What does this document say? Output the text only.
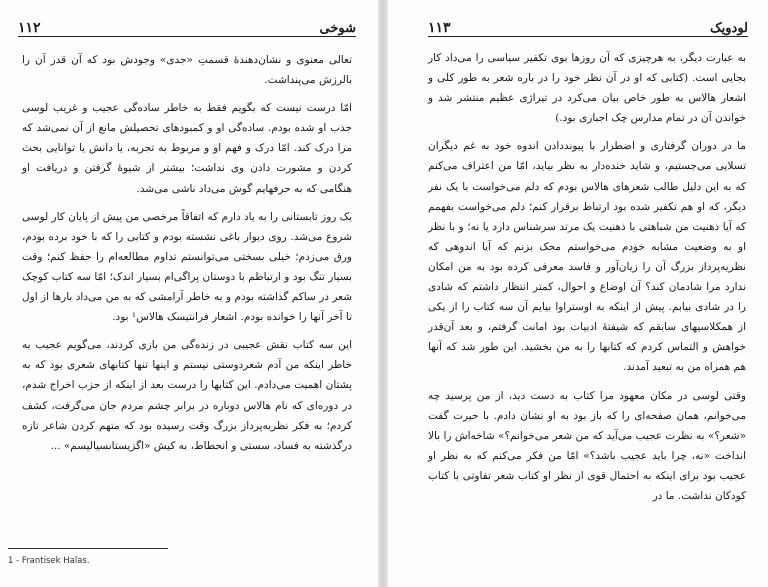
١١٢	شوخی

تعالی معنوی و نشان‌دهندهٔ قسمتِ «جدی» وجودش بود که آن قدر آن را بالرزش می‌پنداشت.

امّا درست نیست که بگویم فقط به خاطر ساده‌گی عجیب و غریب لوسی جذب او شده بودم. ساده‌گی او و کمبودهای تحصیلش مانع از آن نمی‌شد که مرا درک کند. امّا درک و فهم او و مربوط به تجربه، یا دانش یا توانایی بحث کردن و مشورت دادن وی نداشت؛ بیشتر از شیوهٔ گرفتن و دریافت او هنگامی که به حرفهایم گوش می‌داد ناشی می‌شد.

یک روز تابستانی را به یاد دارم که اتفاقاً مرخصی من پیش از پایان کار لوسی شروع می‌شد. روی دیوار باغی نشسته بودم و کتابی را که با خود برده بودم، ورق می‌زدم؛ خیلی بسختی می‌توانستم تداوم مطالعه‌ام را حفظ کنم؛ وقت بسیار تنگ بود و ارتباطم با دوستان پراگی‌ام بسیار اندک؛ امّا سه کتاب کوچک شعر در ساکم گذاشته بودم و به خاطر آرامشی که به من می‌داد بارها از اول تا آخر آنها را خوانده بودم. اشعار فرانتیسک هالاس¹ بود.

این سه کتاب نقش عجیبی در زنده‌گی من بازی کردند، می‌گویم عجیب به خاطر اینکه من آدم شعردوستی نیستم و اینها تنها کتابهای شعری بود که به پشتان اهمیت می‌دادم. این کتابها را درست بعد از اینکه از حزب اخراج شدم، در دوره‌ای که نام هالاس دوباره در برابر چشم مردم جان می‌گرفت، کشف کردم؛ به فکر نظریه‌پرداز بزرگ وقت رسیده بود که متهم کردن شاعر تازه درگذشته به فساد، سستی و انحطاط، به کیش «اگزیستانسیالیسم» ...

1 - Frantisek Halas.
١١٣	لودویک

به عبارت دیگر، به هرچیزی که آن روزها بوی تکفیر سیاسی را می‌داد کار بجایی است. (کتابی که او در آن نظر خود را در باره شعر به طور کلی و اشعار هالاس به طور خاص بیان می‌کرد در تیراژی عظیم منتشر شد و خواندن آن در تمام مدارس چک اجباری بود.)

ما در دوران گرفتاری و اضطرار با پیوند‌دادن اندوه خود به غم دیگران تسلایی می‌جستیم، و شاید خنده‌دار به نظر بیاید، امّا من اعتراف می‌کنم که به این دلیل طالب شعرهای هالاس بودم که دلم می‌خواست با یک نفر دیگر، که او هم تکفیر شده بود ارتباط برقرار کنم؛ دلم می‌خواست بفهمم که آیا ذهنیت من شباهتی با ذهنیت یک مرتد سرشناس دارد یا نه؛ و با نظر او به وضعیت مشابه خودم می‌خواستم محک بزنم که آیا اندوهی که نظریه‌پرداز بزرگ آن را زیان‌آور و فاسد معرفی کرده بود به من امکان ندارد مرا شادمان کند؟ آن اوضاع و احوال، کمتر انتظار داشتم که شادی را در شادی بیابم. پیش از اینکه به اوستراوا بیایم آن سه کتاب را از یکی از همکلاسیهای سابقم که شیفتهٔ ادبیات بود امانت گرفتم، و بعد آن‌قدر خواهش و التماس کردم که کتابها را به من بخشید. این طور شد که آنها هم همراه من به تبعید آمدند.

وقتی لوسی در مکان معهود مرا کتاب به دست دید، از من پرسید چه می‌خوانم، همان صفحه‌ای را که باز بود به او نشان دادم. با حیرت گفت «شعر؟» به نظرت عجیب می‌آید که من شعر می‌خوانم؟» شاخه‌اش را بالا انداخت «نه، چرا باید عجیب باشد؟» امّا من فکر می‌کنم که به نظر او عجیب بود برای اینکه به احتمال قوی از نظر او کتاب شعر تفاوتی با کتاب کودکان نداشت. ما در
